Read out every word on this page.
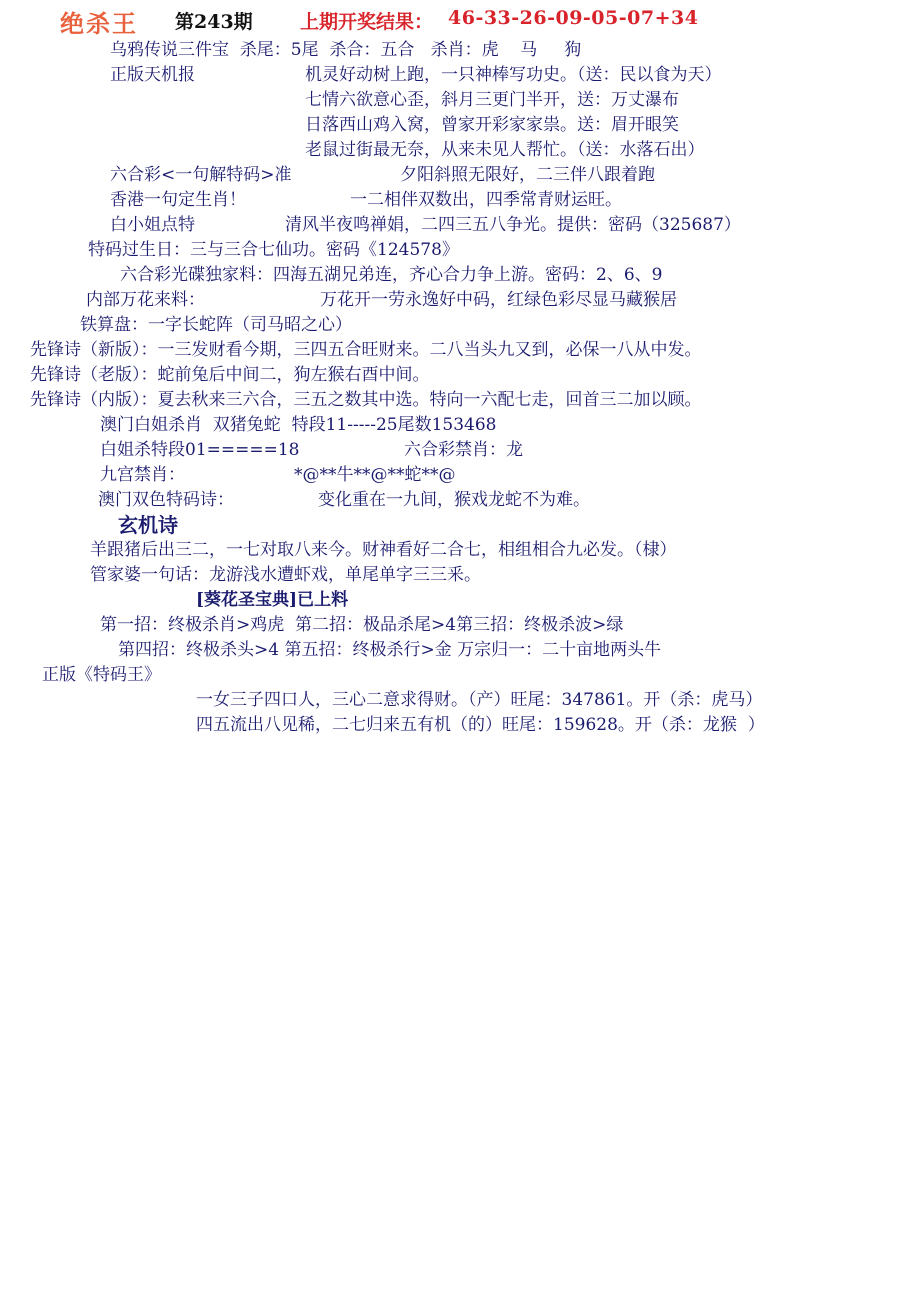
绝杀王 第243期 上期开奖结果： 46-33-26-09-05-07+34
乌鸦传说三件宝  杀尾：5尾  杀合：五合   杀肖：虎    马     狗
正版天机报	机灵好动树上跑，一只神棒写功史。（送：民以食为天）
七情六欲意心歪，斜月三更门半开，送：万丈瀑布
日落西山鸡入窝，曾家开彩家家祟。送：眉开眼笑
老鼠过街最无奈，从来未见人帮忙。（送：水落石出）
六合彩<一句解特码>准	夕阳斜照无限好，二三伴八跟着跑
香港一句定生肖！	一二相伴双数出，四季常青财运旺。
白小姐点特	清风半夜鸣禅娟，二四三五八争光。提供：密码（325687）
特码过生日：三与三合七仙功。密码《124578》
六合彩光碟独家料：四海五湖兄弟连，齐心合力争上游。密码：2、6、9
内部万花来料：	万花开一劳永逸好中码，红绿色彩尽显马藏猴居
铁算盘：一字长蛇阵（司马昭之心）
先锋诗（新版）：一三发财看今期，三四五合旺财来。二八当头九又到，必保一八从中发。
先锋诗（老版）：蛇前兔后中间二，狗左猴右酉中间。
先锋诗（内版）：夏去秋来三六合，三五之数其中选。特向一六配七走，回首三二加以顾。
澳门白姐杀肖  双猪兔蛇  特段11-----25尾数153468
白姐杀特段01=====18	六合彩禁肖：龙
九宫禁肖：	*@**牛**@**蛇**@
澳门双色特码诗：	变化重在一九间，猴戏龙蛇不为难。
玄机诗
羊跟猪后出三二，一七对取八来今。财神看好二合七，相组相合九必发。（棣）
管家婆一句话：龙游浅水遭虾戏，单尾单字三三釆。
[葵花圣宝典]已上料
第一招：终极杀肖>鸡虎  第二招：极品杀尾>4第三招：终极杀波>绿
第四招：终极杀头>4 第五招：终极杀行>金 万宗归一：二十亩地两头牛
正版《特码王》
一女三子四口人，三心二意求得财。（产）旺尾：347861。开（杀：虎马）
四五流出八见稀，二七归来五有机（的）旺尾：159628。开（杀：龙猴  ）
